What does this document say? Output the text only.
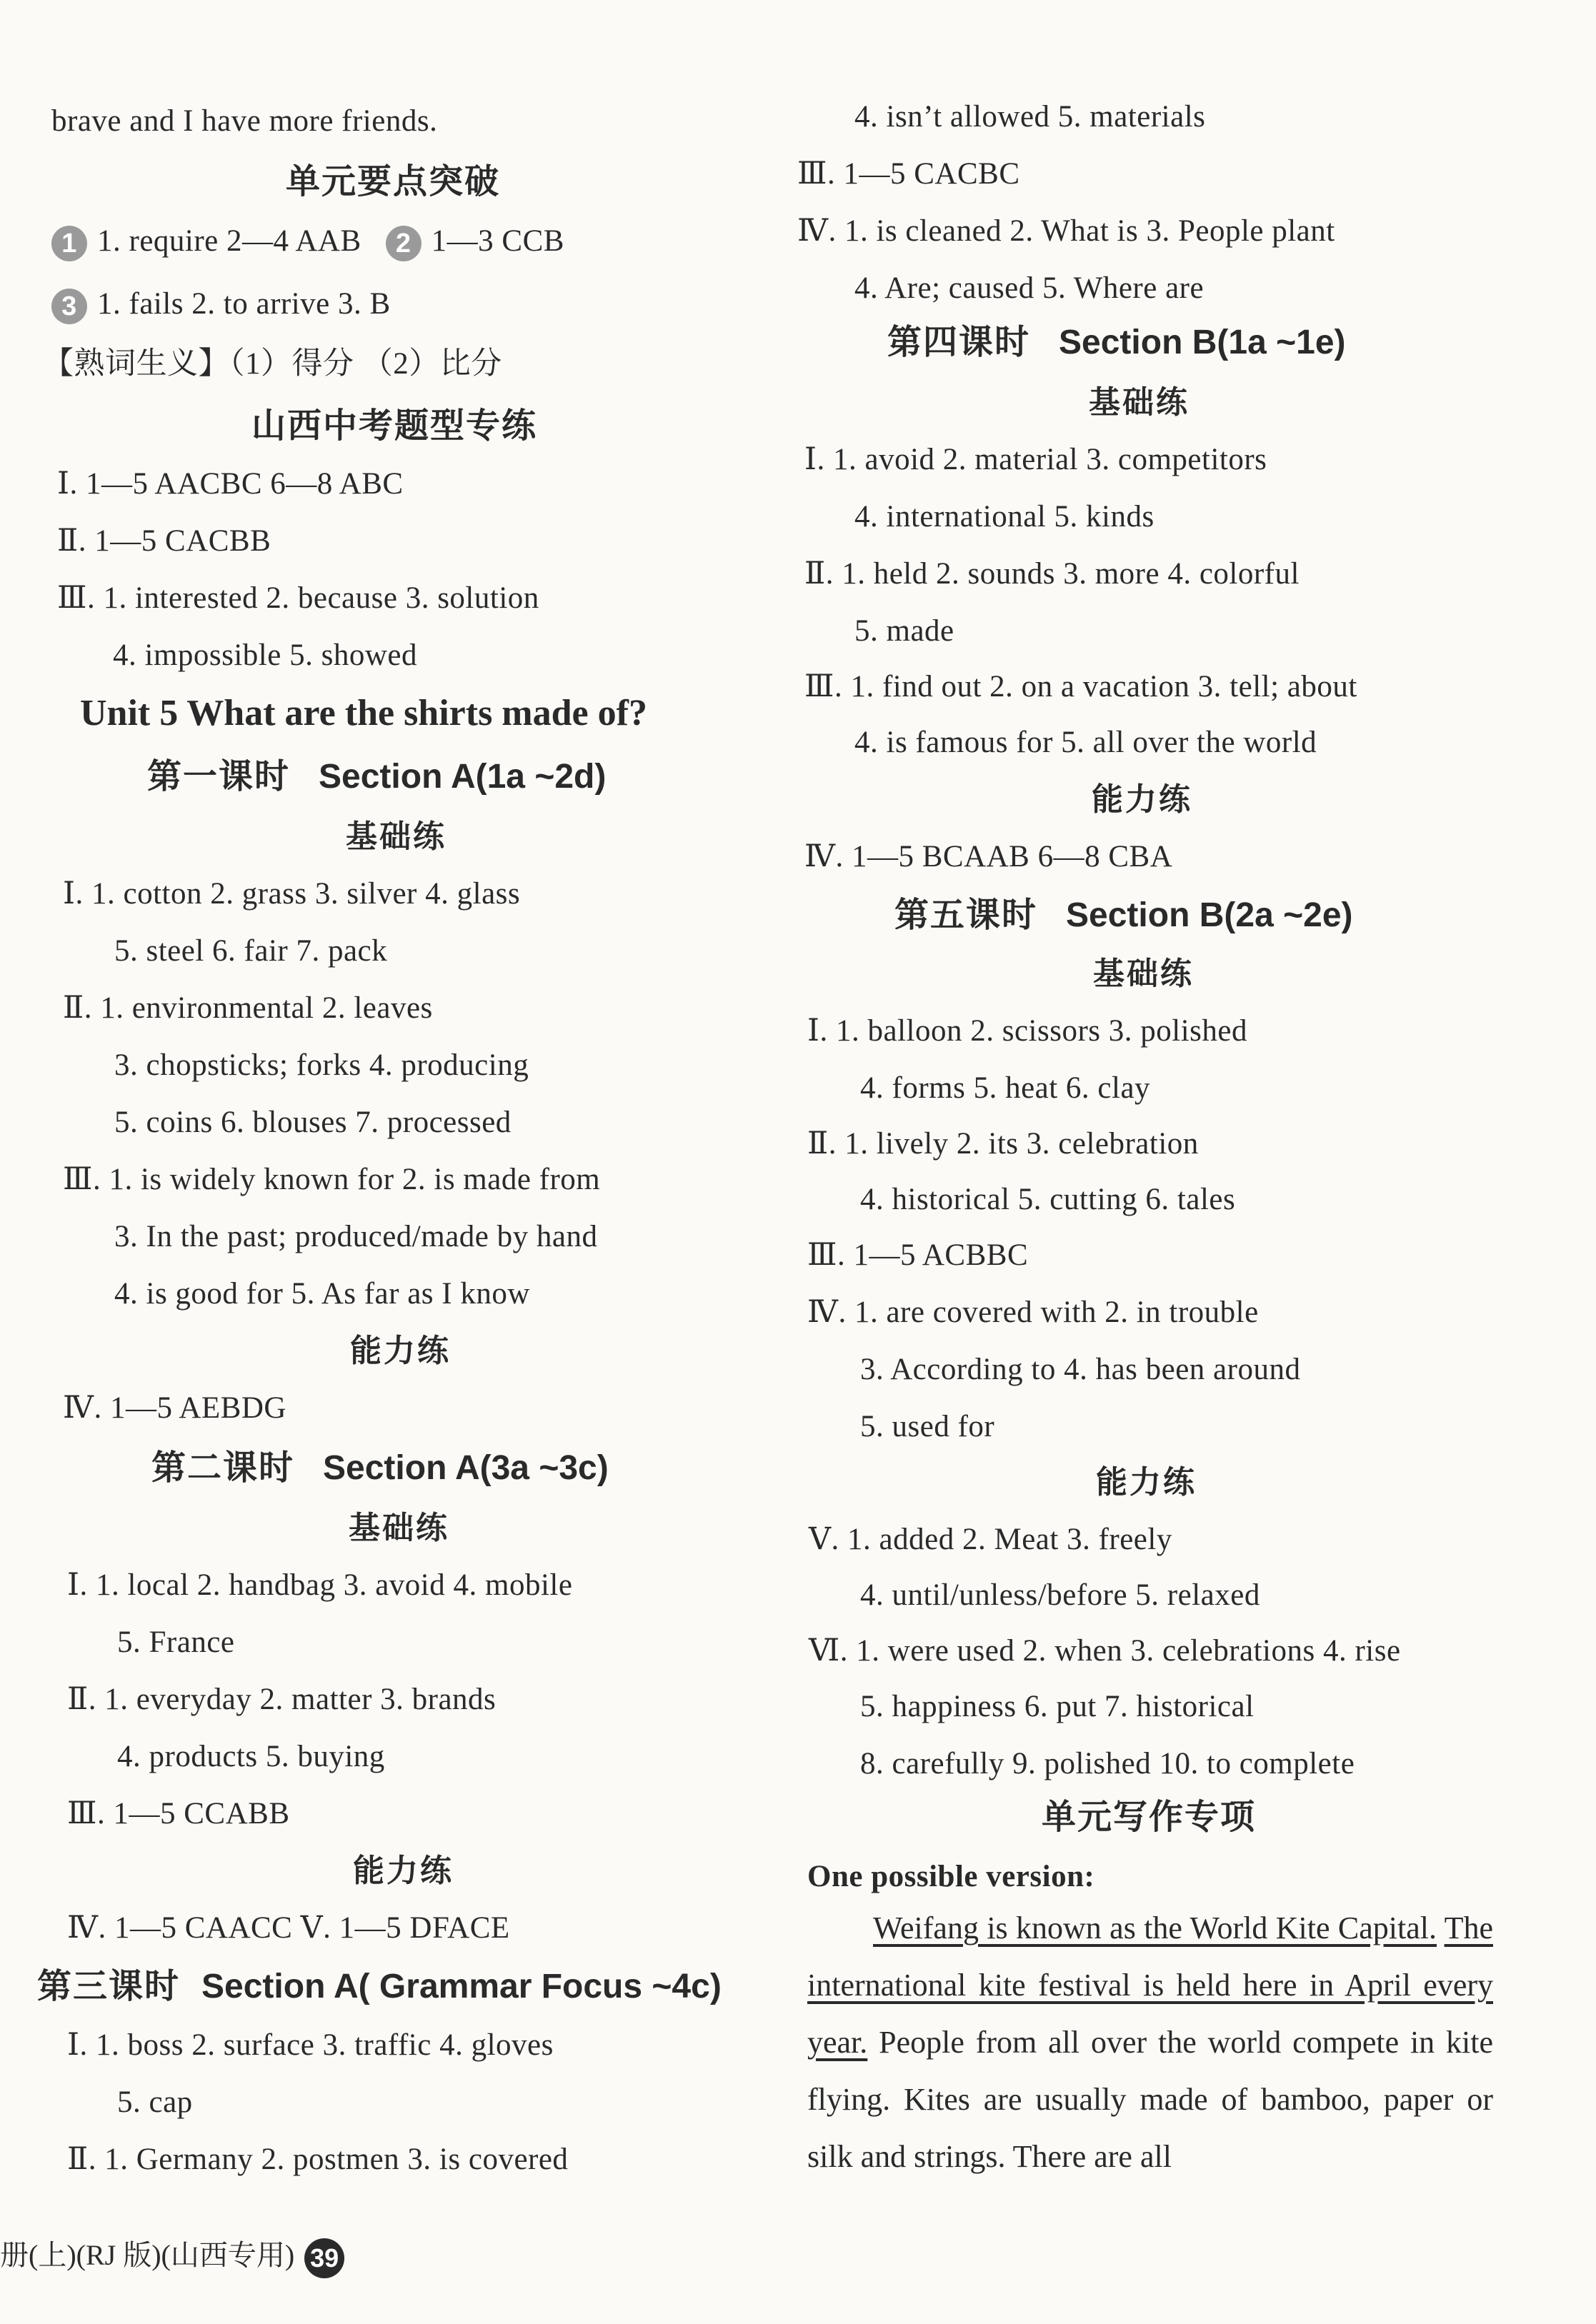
brave and I have more friends.
单元要点突破
1 1. require 2—4 AAB 2 1—3 CCB
3 1. fails 2. to arrive 3. B
【熟词生义】（1）得分 （2）比分
山西中考题型专练
Ⅰ. 1—5 AACBC 6—8 ABC
Ⅱ. 1—5 CACBB
Ⅲ. 1. interested 2. because 3. solution
4. impossible 5. showed
Unit 5 What are the shirts made of?
第一课时 Section A(1a ~2d)
基础练
Ⅰ. 1. cotton 2. grass 3. silver 4. glass
5. steel 6. fair 7. pack
Ⅱ. 1. environmental 2. leaves
3. chopsticks; forks 4. producing
5. coins 6. blouses 7. processed
Ⅲ. 1. is widely known for 2. is made from
3. In the past; produced/made by hand
4. is good for 5. As far as I know
能力练
Ⅳ. 1—5 AEBDG
第二课时 Section A(3a ~3c)
基础练
Ⅰ. 1. local 2. handbag 3. avoid 4. mobile
5. France
Ⅱ. 1. everyday 2. matter 3. brands
4. products 5. buying
Ⅲ. 1—5 CCABB
能力练
Ⅳ. 1—5 CAACC Ⅴ. 1—5 DFACE
第三课时 Section A( Grammar Focus ~4c)
Ⅰ. 1. boss 2. surface 3. traffic 4. gloves
5. cap
Ⅱ. 1. Germany 2. postmen 3. is covered
4. isn’t allowed 5. materials
Ⅲ. 1—5 CACBC
Ⅳ. 1. is cleaned 2. What is 3. People plant
4. Are; caused 5. Where are
第四课时 Section B(1a ~1e)
基础练
Ⅰ. 1. avoid 2. material 3. competitors
4. international 5. kinds
Ⅱ. 1. held 2. sounds 3. more 4. colorful
5. made
Ⅲ. 1. find out 2. on a vacation 3. tell; about
4. is famous for 5. all over the world
能力练
Ⅳ. 1—5 BCAAB 6—8 CBA
第五课时 Section B(2a ~2e)
基础练
Ⅰ. 1. balloon 2. scissors 3. polished
4. forms 5. heat 6. clay
Ⅱ. 1. lively 2. its 3. celebration
4. historical 5. cutting 6. tales
Ⅲ. 1—5 ACBBC
Ⅳ. 1. are covered with 2. in trouble
3. According to 4. has been around
5. used for
能力练
Ⅴ. 1. added 2. Meat 3. freely
4. until/unless/before 5. relaxed
Ⅵ. 1. were used 2. when 3. celebrations 4. rise
5. happiness 6. put 7. historical
8. carefully 9. polished 10. to complete
单元写作专项
One possible version:
Weifang is known as the World Kite Capital. The international kite festival is held here in April every year. People from all over the world compete in kite flying. Kites are usually made of bamboo, paper or silk and strings. There are all
册(上)(RJ 版)(山西专用) 39
